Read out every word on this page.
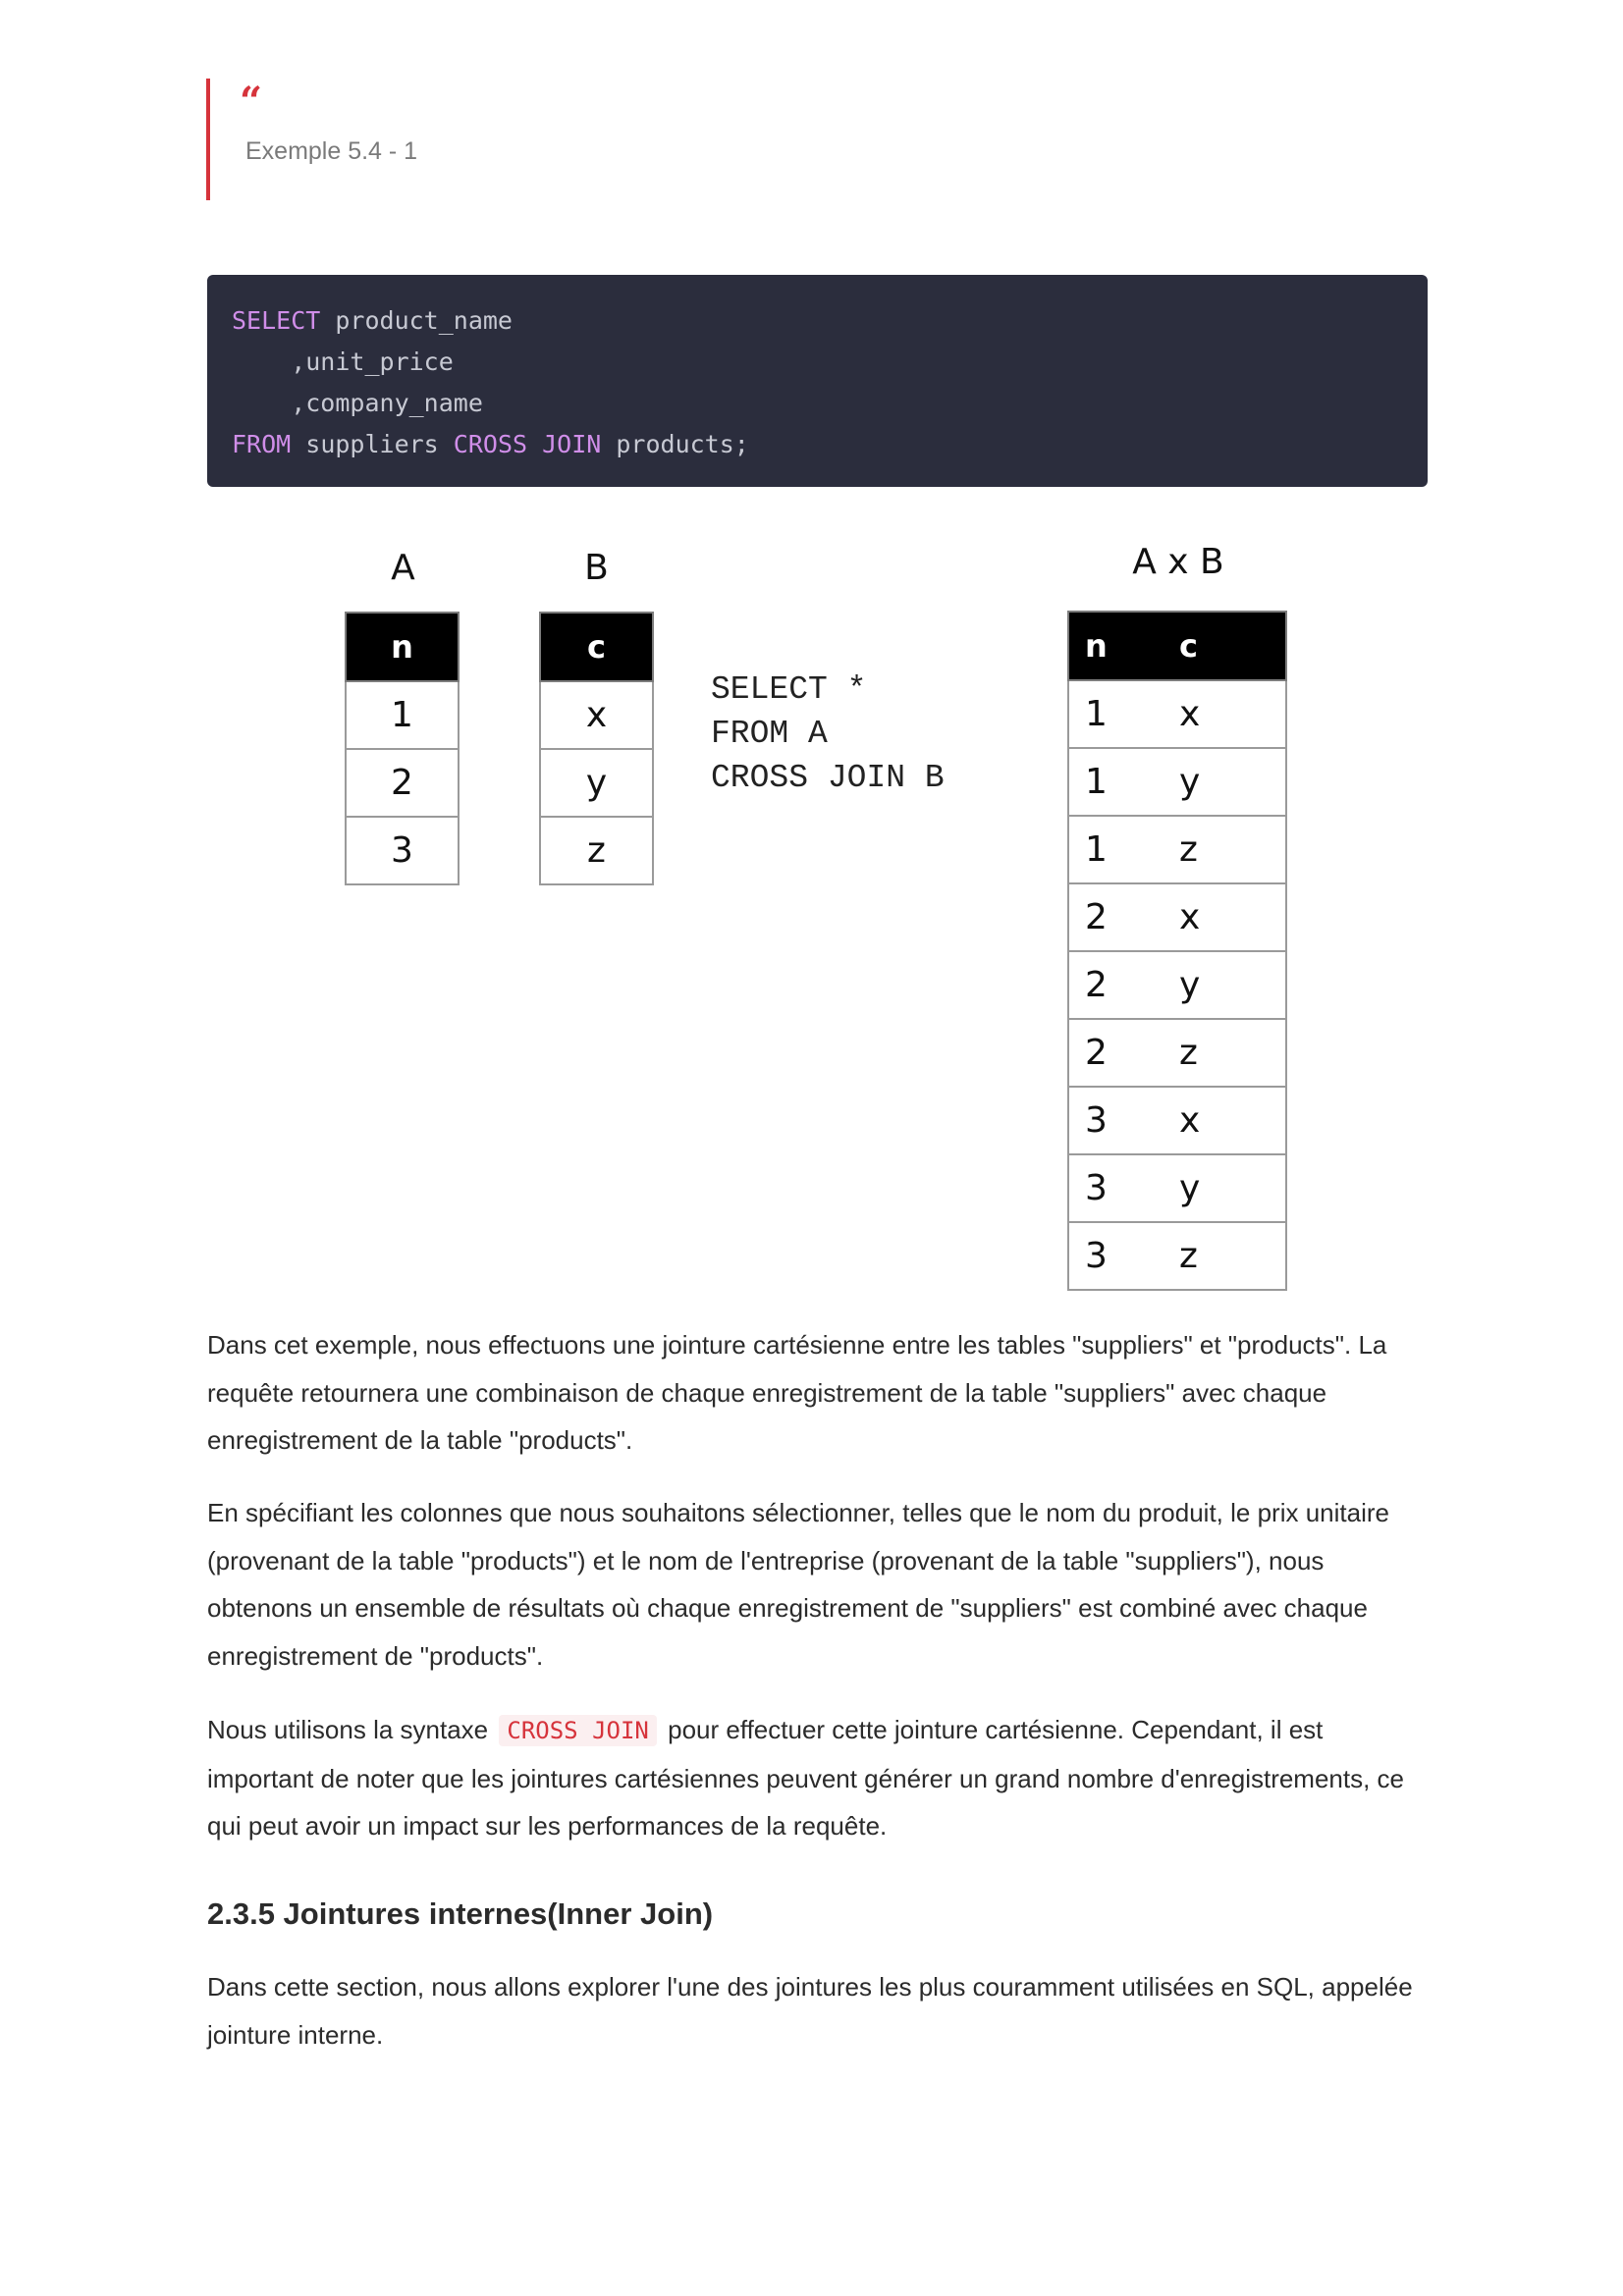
“
Exemple 5.4 - 1
SELECT product_name
,unit_price
,company_name
FROM suppliers CROSS JOIN products;
A
n
1
2
3
B
c
x
y
z
SELECT *
FROM A
CROSS JOIN B
A x B
n	c
1	x
1	y
1	z
2	x
2	y
2	z
3	x
3	y
3	z

Dans cet exemple, nous effectuons une jointure cartésienne entre les tables "suppliers" et "products". La requête retournera une combinaison de chaque enregistrement de la table "suppliers" avec chaque enregistrement de la table "products".

En spécifiant les colonnes que nous souhaitons sélectionner, telles que le nom du produit, le prix unitaire (provenant de la table "products") et le nom de l'entreprise (provenant de la table "suppliers"), nous obtenons un ensemble de résultats où chaque enregistrement de "suppliers" est combiné avec chaque enregistrement de "products".

Nous utilisons la syntaxe CROSS JOIN pour effectuer cette jointure cartésienne. Cependant, il est important de noter que les jointures cartésiennes peuvent générer un grand nombre d'enregistrements, ce qui peut avoir un impact sur les performances de la requête.

2.3.5 Jointures internes(Inner Join)

Dans cette section, nous allons explorer l'une des jointures les plus couramment utilisées en SQL, appelée jointure interne.
